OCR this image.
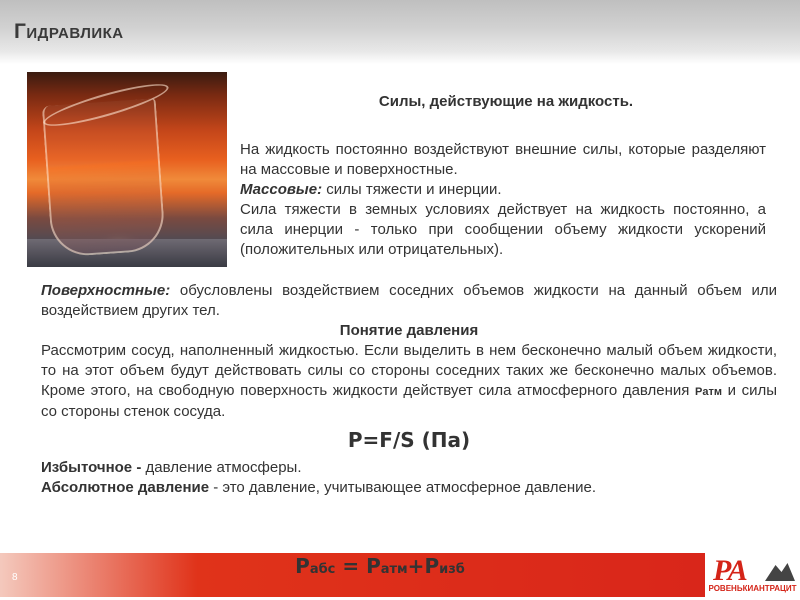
Гидравлика
Силы, действующие на жидкость.
На жидкость постоянно воздействуют внешние силы, которые разделяют на массовые и поверхностные.
Массовые: силы тяжести и инерции.
Сила тяжести в земных условиях действует на жидкость постоянно, а сила инерции - только при сообщении объему жидкости ускорений (положительных или отрицательных).
Поверхностные: обусловлены воздействием соседних объемов жидкости на данный объем или воздействием других тел.
Понятие давления
Рассмотрим сосуд, наполненный жидкостью. Если выделить в нем бесконечно малый объем жидкости, то на этот объем будут действовать силы со стороны соседних таких же бесконечно малых объемов. Кроме этого, на свободную поверхность жидкости действует сила атмосферного давления Pатм и силы со стороны стенок сосуда.
P=F/S (Па)
Избыточное - давление атмосферы.
Абсолютное давление - это давление, учитывающее атмосферное давление.
8	Pабс = Pатм+Pизб	РА
РОВЕНЬКИАНТРАЦИТ
